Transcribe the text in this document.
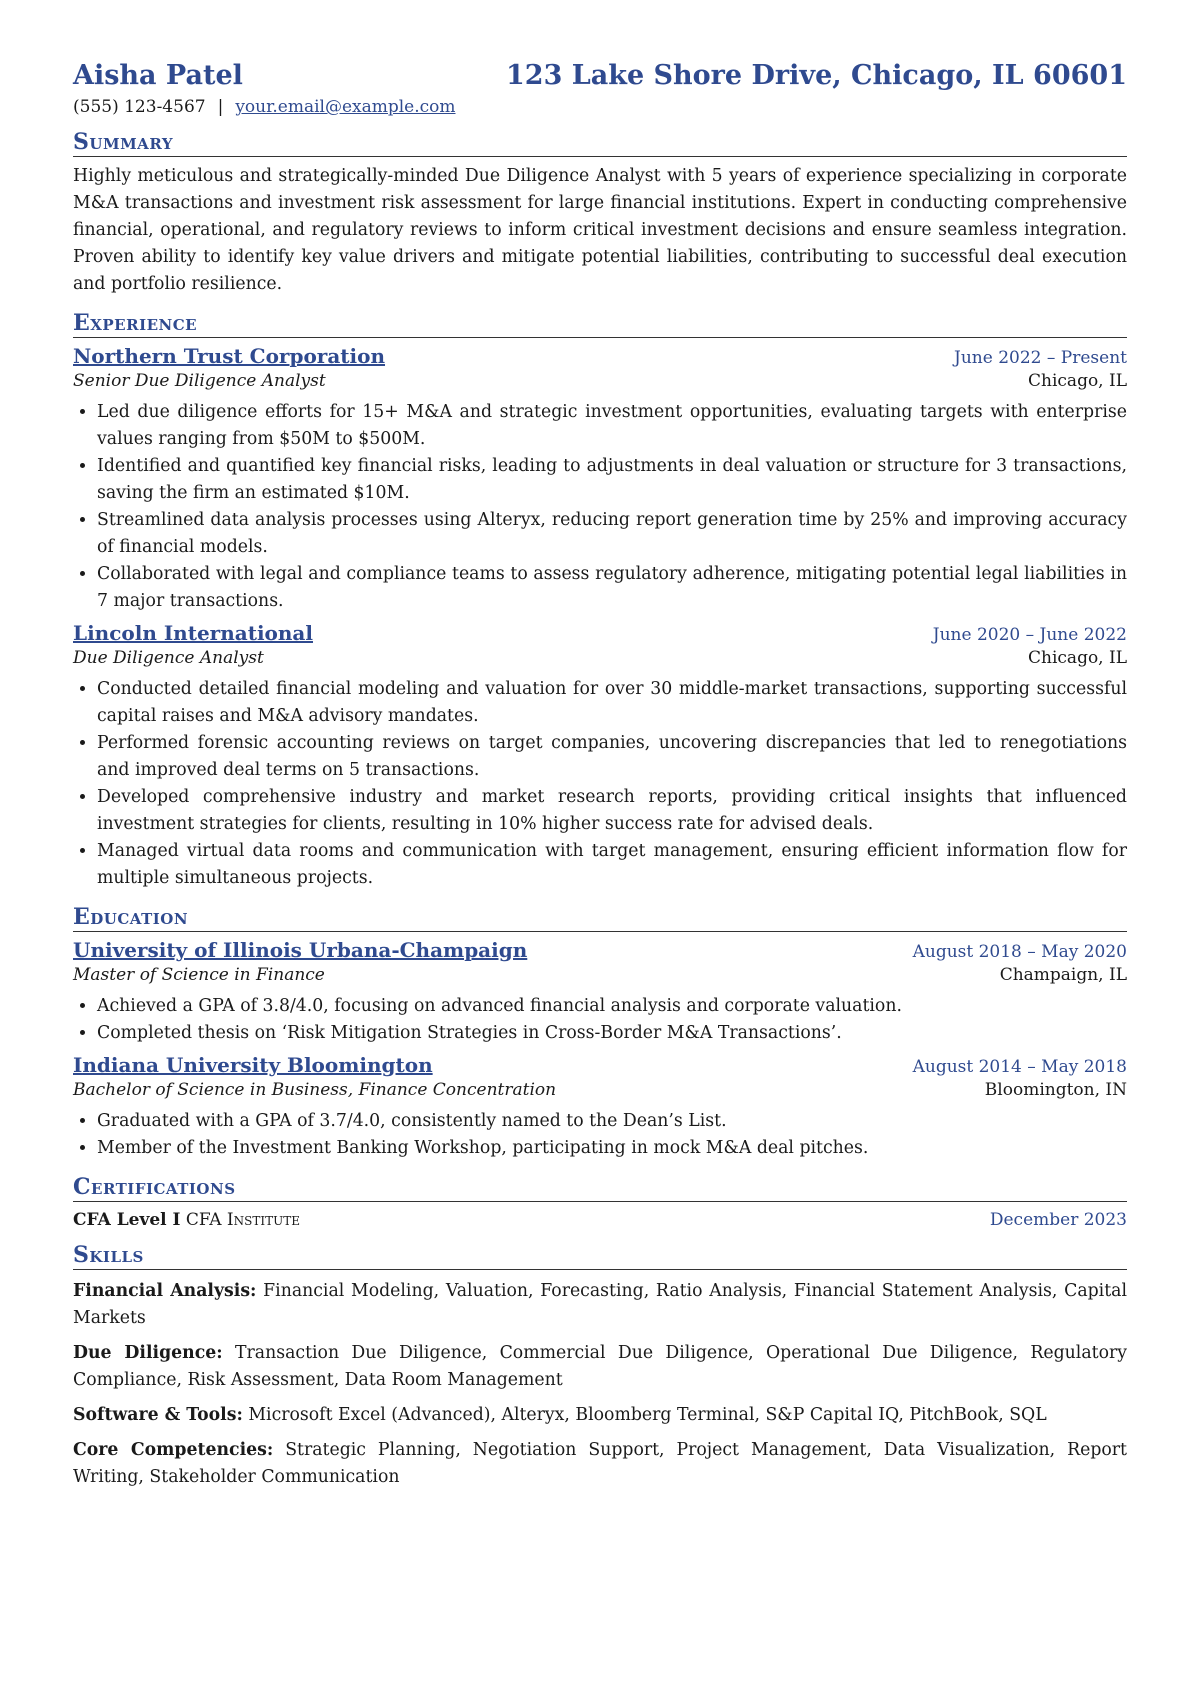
Aisha Patel	123 Lake Shore Drive, Chicago, IL 60601
(555) 123-4567 | your.email@example.com
Summary
Highly meticulous and strategically-minded Due Diligence Analyst with 5 years of experience specializing in corporate M&A transactions and investment risk assessment for large financial institutions. Expert in conducting comprehensive financial, operational, and regulatory reviews to inform critical investment decisions and ensure seamless integration. Proven ability to identify key value drivers and mitigate potential liabilities, contributing to successful deal execution and portfolio resilience.
Experience
Northern Trust Corporation	June 2022 – Present
Senior Due Diligence Analyst	Chicago, IL
• Led due diligence efforts for 15+ M&A and strategic investment opportunities, evaluating targets with enterprise values ranging from $50M to $500M.
• Identified and quantified key financial risks, leading to adjustments in deal valuation or structure for 3 transactions, saving the firm an estimated $10M.
• Streamlined data analysis processes using Alteryx, reducing report generation time by 25% and improving accuracy of financial models.
• Collaborated with legal and compliance teams to assess regulatory adherence, mitigating potential legal liabilities in 7 major transactions.
Lincoln International	June 2020 – June 2022
Due Diligence Analyst	Chicago, IL
• Conducted detailed financial modeling and valuation for over 30 middle-market transactions, supporting successful capital raises and M&A advisory mandates.
• Performed forensic accounting reviews on target companies, uncovering discrepancies that led to renegotiations and improved deal terms on 5 transactions.
• Developed comprehensive industry and market research reports, providing critical insights that influenced investment strategies for clients, resulting in 10% higher success rate for advised deals.
• Managed virtual data rooms and communication with target management, ensuring efficient information flow for multiple simultaneous projects.
Education
University of Illinois Urbana-Champaign	August 2018 – May 2020
Master of Science in Finance	Champaign, IL
• Achieved a GPA of 3.8/4.0, focusing on advanced financial analysis and corporate valuation.
• Completed thesis on ‘Risk Mitigation Strategies in Cross-Border M&A Transactions’.
Indiana University Bloomington	August 2014 – May 2018
Bachelor of Science in Business, Finance Concentration	Bloomington, IN
• Graduated with a GPA of 3.7/4.0, consistently named to the Dean’s List.
• Member of the Investment Banking Workshop, participating in mock M&A deal pitches.
Certifications
CFA Level I CFA Institute	December 2023
Skills
Financial Analysis: Financial Modeling, Valuation, Forecasting, Ratio Analysis, Financial Statement Analysis, Capital Markets
Due Diligence: Transaction Due Diligence, Commercial Due Diligence, Operational Due Diligence, Regulatory Compliance, Risk Assessment, Data Room Management
Software & Tools: Microsoft Excel (Advanced), Alteryx, Bloomberg Terminal, S&P Capital IQ, PitchBook, SQL
Core Competencies: Strategic Planning, Negotiation Support, Project Management, Data Visualization, Report Writing, Stakeholder Communication
